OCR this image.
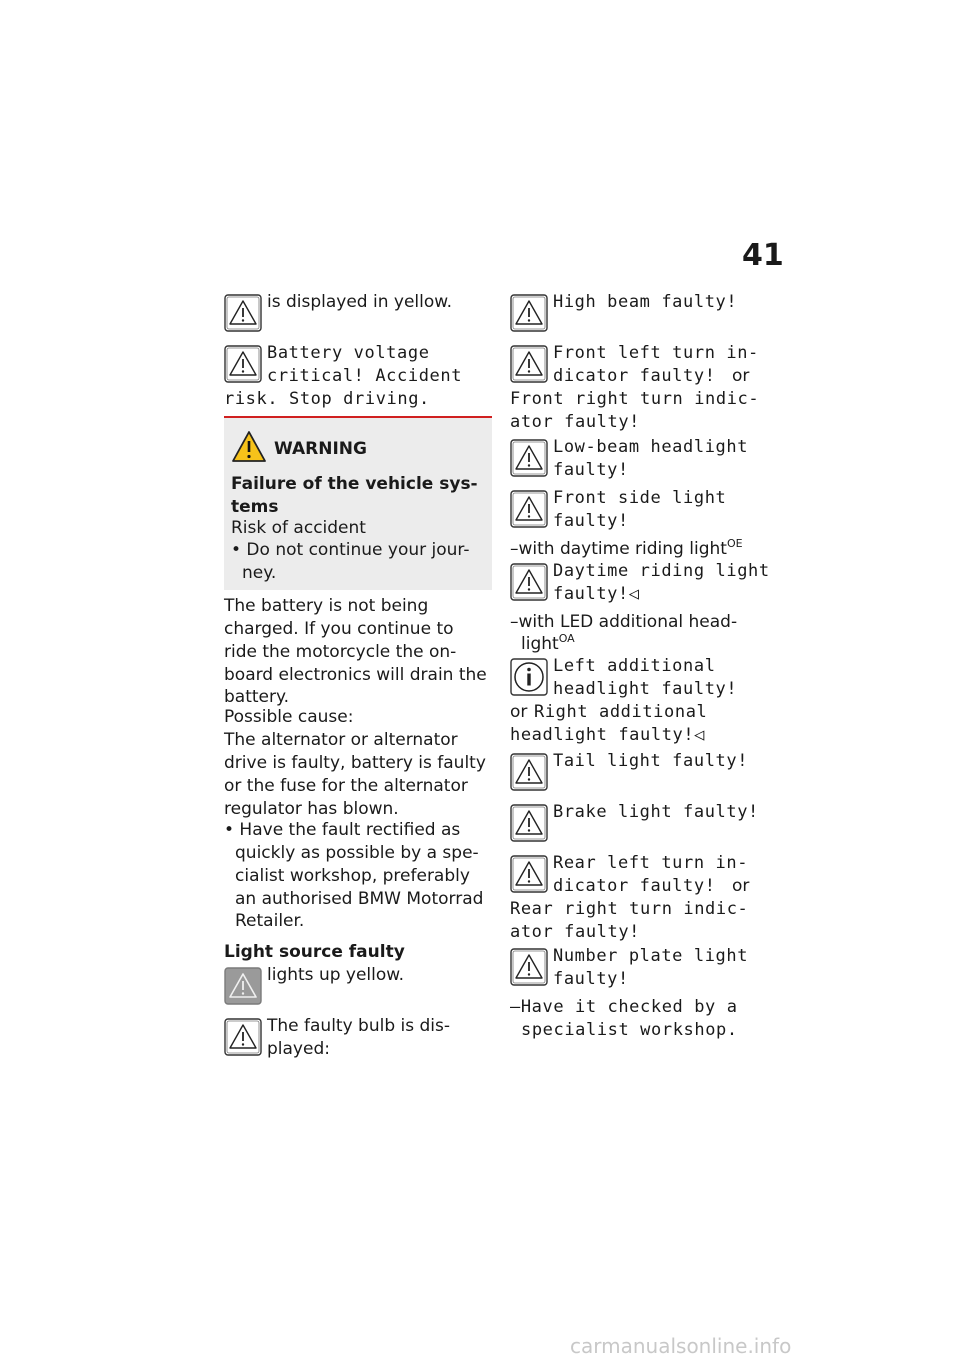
41
is displayed in yellow.
Battery voltage
critical! Accident
risk. Stop driving.
WARNING
Failure of the vehicle sys-
tems
Risk of accident
• Do not continue your jour-
ney.
The battery is not being
charged. If you continue to
ride the motorcycle the on-
board electronics will drain the
battery.
Possible cause:
The alternator or alternator
drive is faulty, battery is faulty
or the fuse for the alternator
regulator has blown.
• Have the fault rectified as
quickly as possible by a spe-
cialist workshop, preferably
an authorised BMW Motorrad
Retailer.
Light source faulty
lights up yellow.
The faulty bulb is dis-
played:
High beam faulty!
Front left turn in-
dicator faulty! or
Front right turn indic-
ator faulty!
Low-beam headlight
faulty!
Front side light
faulty!
–with daytime riding light$^{OE}$
Daytime riding light
faulty!◁
–with LED additional head-
light$^{OA}$
Left additional
headlight faulty!
or Right additional
headlight faulty!◁
Tail light faulty!
Brake light faulty!
Rear left turn in-
dicator faulty! or
Rear right turn indic-
ator faulty!
Number plate light
faulty!
–Have it checked by a
specialist workshop.
carmanualsonline.info
